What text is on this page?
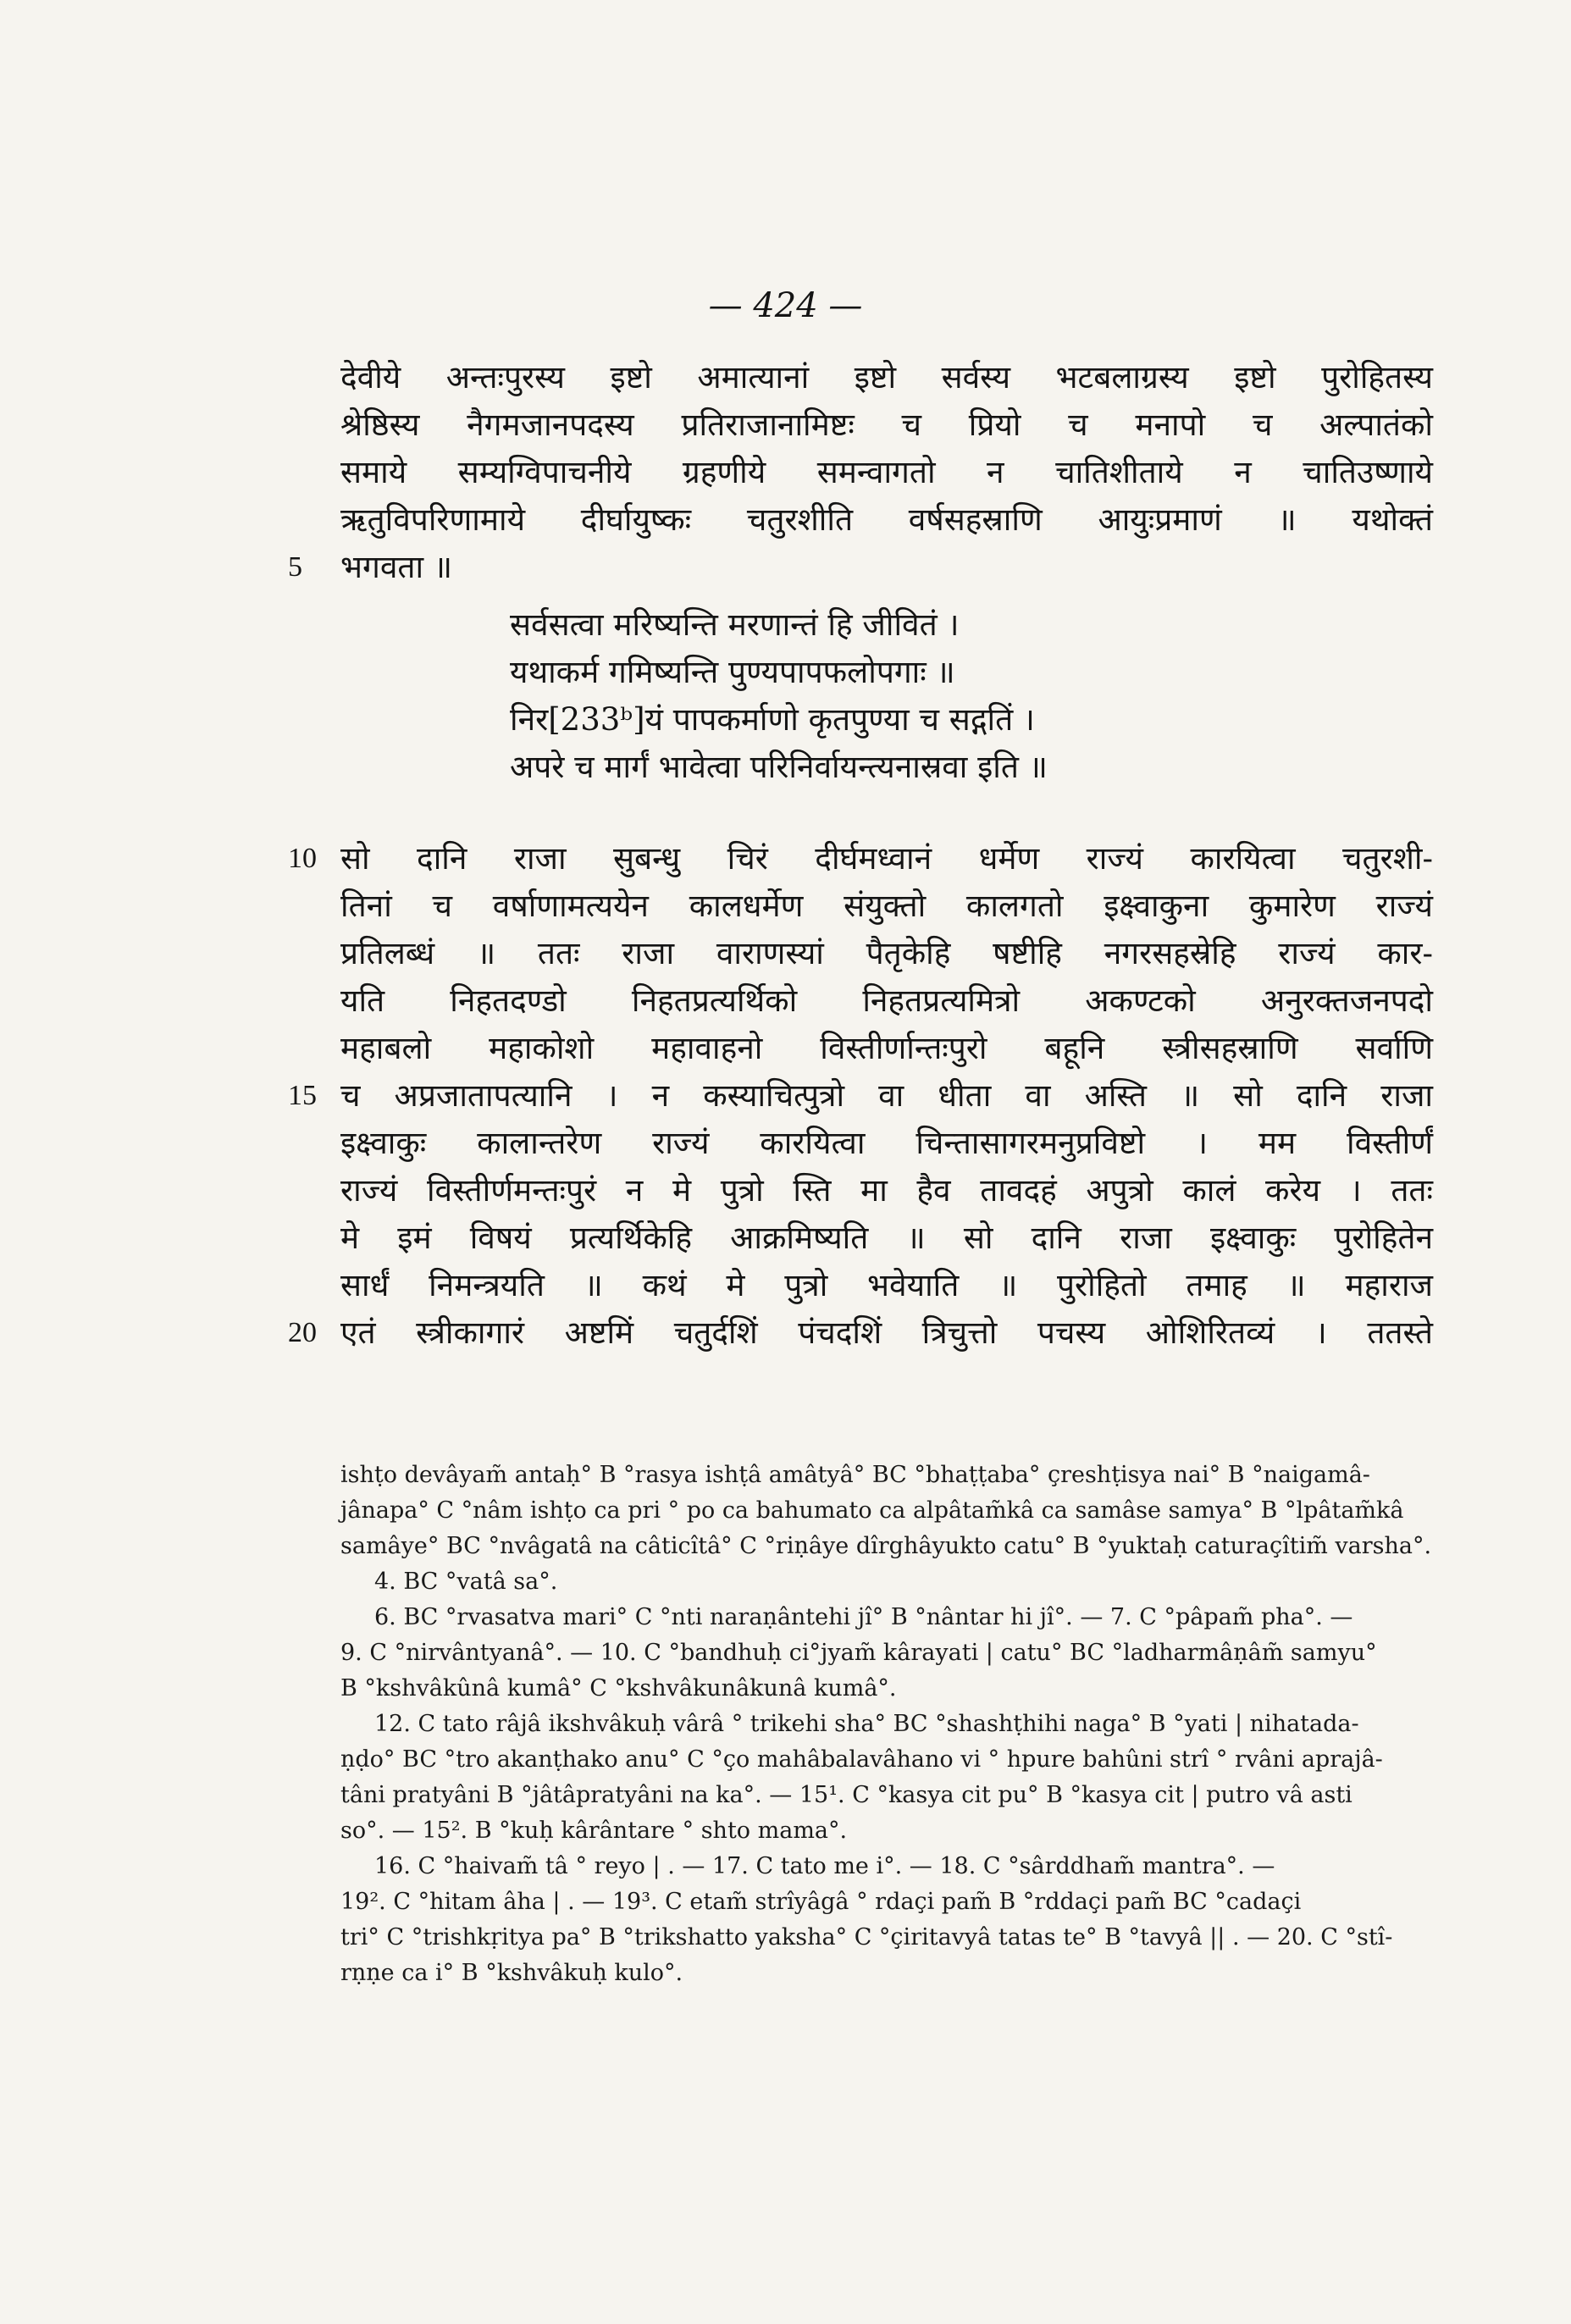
— 424 —
देवीये अन्तःपुरस्य इष्टो अमात्यानां इष्टो सर्वस्य भटबलाग्रस्य इष्टो पुरोहितस्य
श्रेष्ठिस्य नैगमजानपदस्य प्रतिराजानामिष्टः च प्रियो च मनापो च अल्पातंको
समाये सम्यग्विपाचनीये ग्रहणीये समन्वागतो न चातिशीताये न चातिउष्णाये
ऋतुविपरिणामाये दीर्घायुष्कः चतुरशीति वर्षसहस्राणि आयुःप्रमाणं ॥ यथोक्तं
5 भगवता ॥
सर्वसत्वा मरिष्यन्ति मरणान्तं हि जीवितं ।
यथाकर्म गमिष्यन्ति पुण्यपापफलोपगाः ॥
निर[233ᵇ]यं पापकर्माणो कृतपुण्या च सद्गतिं ।
अपरे च मार्गं भावेत्वा परिनिर्वायन्त्यनास्रवा इति ॥
10 सो दानि राजा सुबन्धु चिरं दीर्घमध्वानं धर्मेण राज्यं कारयित्वा चतुरशी-
तिनां च वर्षाणामत्ययेन कालधर्मेण संयुक्तो कालगतो इक्ष्वाकुना कुमारेण राज्यं
प्रतिलब्धं ॥ ततः राजा वाराणस्यां पैतृकेहि षष्टीहि नगरसहस्रेहि राज्यं कार-
यति निहतदण्डो निहतप्रत्यर्थिको निहतप्रत्यमित्रो अकण्टको अनुरक्तजनपदो
महाबलो महाकोशो महावाहनो विस्तीर्णान्तःपुरो बहूनि स्त्रीसहस्राणि सर्वाणि
15 च अप्रजातापत्यानि । न कस्याचित्पुत्रो वा धीता वा अस्ति ॥ सो दानि राजा
इक्ष्वाकुः कालान्तरेण राज्यं कारयित्वा चिन्तासागरमनुप्रविष्टो । मम विस्तीर्णं
राज्यं विस्तीर्णमन्तःपुरं न मे पुत्रो स्ति मा हैव तावदहं अपुत्रो कालं करेय । ततः
मे इमं विषयं प्रत्यर्थिकेहि आक्रमिष्यति ॥ सो दानि राजा इक्ष्वाकुः पुरोहितेन
सार्धं निमन्त्रयति ॥ कथं मे पुत्रो भवेयाति ॥ पुरोहितो तमाह ॥ महाराज
20 एतं स्त्रीकागारं अष्टमिं चतुर्दशिं पंचदशिं त्रिचुत्तो पचस्य ओशिरितव्यं । ततस्ते
ishṭo devâyam̃ antaḥ° B °rasya ishṭâ amâtyâ° BC °bhaṭṭaba° çreshṭisya nai° B °naigamâ-
jânapa° C °nâm ishṭo ca pri ° po ca bahumato ca alpâtam̃kâ ca samâse samya° B °lpâtam̃kâ
samâye° BC °nvâgatâ na câticîtâ° C °riṇâye dîrghâyukto catu° B °yuktaḥ caturaçîtim̃ varsha°.
4. BC °vatâ sa°.
6. BC °rvasatva mari° C °nti naraṇântehi jî° B °nântar hi jî°. — 7. C °pâpam̃ pha°. —
9. C °nirvântyanâ°. — 10. C °bandhuḥ ci°jyam̃ kârayati | catu° BC °ladharmâṇâm̃ samyu°
B °kshvâkûnâ kumâ° C °kshvâkunâkunâ kumâ°.
12. C tato râjâ ikshvâkuḥ vârâ ° trikehi sha° BC °shashṭhihi naga° B °yati | nihatada-
ṇḍo° BC °tro akanṭhako anu° C °ço mahâbalavâhano vi ° hpure bahûni strî ° rvâni aprajâ-
tâni pratyâni B °jâtâpratyâni na ka°. — 15¹. C °kasya cit pu° B °kasya cit | putro vâ asti
so°. — 15². B °kuḥ kârântare ° shto mama°.
16. C °haivam̃ tâ ° reyo | . — 17. C tato me i°. — 18. C °sârddham̃ mantra°. —
19². C °hitam âha | . — 19³. C etam̃ strîyâgâ ° rdaçi pam̃ B °rddaçi pam̃ BC °cadaçi
tri° C °trishkṛitya pa° B °trikshatto yaksha° C °çiritavyâ tatas te° B °tavyâ || . — 20. C °stî-
rṇṇe ca i° B °kshvâkuḥ kulo°.
